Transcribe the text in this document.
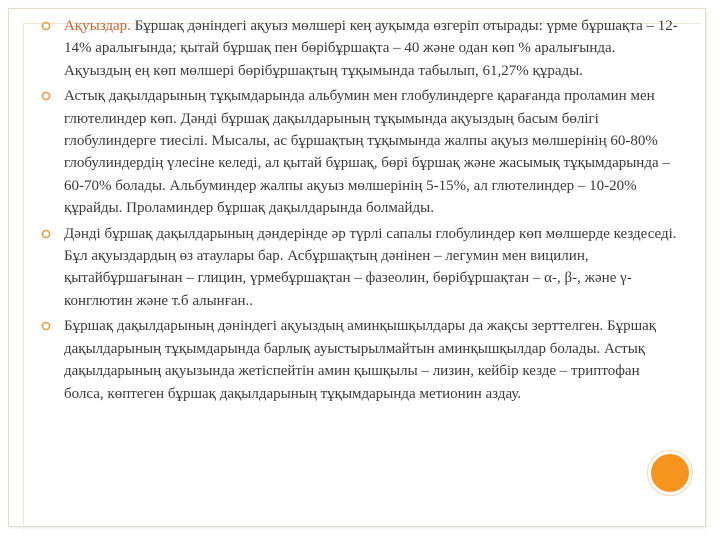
Ақуыздар. Бұршақ дәніндегі ақуыз мөлшері кең ауқымда өзгеріп отырады: үрме бұршақта – 12-14% аралығында; қытай бұршақ пен бөрібұршақта – 40 және одан көп % аралығында. Ақуыздың ең көп мөлшері бөрібұршақтың тұқымында табылып, 61,27% құрады.
Астық дақылдарының тұқымдарында альбумин мен глобулиндерге қарағанда проламин мен глютелиндер көп. Дәнді бұршақ дақылдарының тұқымында ақуыздың басым бөлігі глобулиндерге тиесілі. Мысалы, ас бұршақтың тұқымында жалпы ақуыз мөлшерінің 60-80% глобулиндердің үлесіне келеді, ал қытай бұршақ, бөрі бұршақ және жасымық тұқымдарында – 60-70% болады. Альбуминдер жалпы ақуыз мөлшерінің 5-15%, ал глютелиндер – 10-20% құрайды. Проламиндер бұршақ дақылдарында болмайды.
Дәнді бұршақ дақылдарының дәндерінде әр түрлі сапалы глобулиндер көп мөлшерде кездеседі. Бұл ақуыздардың өз атаулары бар. Асбұршақтың дәнінен – легумин мен вицилин, қытайбұршағынан – глицин, үрмебұршақтан – фазеолин, бөрібұршақтан – α-, β-, және γ-конглютин және т.б алынған..
Бұршақ дақылдарының дәніндегі ақуыздың аминқышқылдары да жақсы зерттелген. Бұршақ дақылдарының тұқымдарында барлық ауыстырылмайтын аминқышқылдар болады. Астық дақылдарының ақуызында жетіспейтін амин қышқылы – лизин, кейбір кезде – триптофан болса, көптеген бұршақ дақылдарының тұқымдарында метионин аздау.
